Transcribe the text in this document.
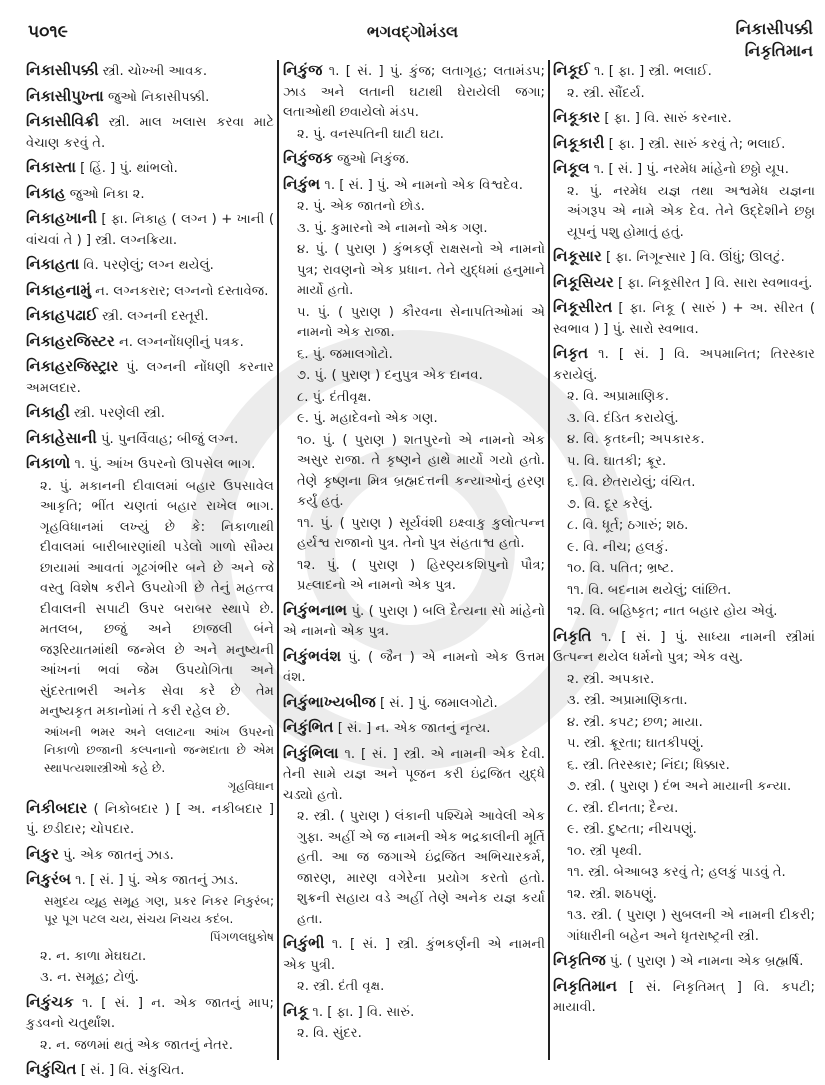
૫૦૧૯	ભગવદ્ગોમંડલ	નિકાસીપક્કી
નિકૃતિમાન
નિકાસીપક્કી સ્ત્રી. ચોખ્ખી આવક.
નિકાસીપુખ્તા જુઓ નિકાસીપક્કી.
નિકાસીવિક્રી સ્ત્રી. માલ ખલાસ કરવા માટે વેચાણ કરવું તે.
નિકાસ્તા [ હિં. ] પું. થાંભલો.
નિકાહ જુઓ નિકા ૨.
નિકાહખાની [ ફા. નિકાહ ( લગ્ન ) + ખાની ( વાંચવાં તે ) ] સ્ત્રી. લગ્નક્રિયા.
નિકાહતા વિ. પરણેલું; લગ્ન થયેલું.
નિકાહનામું ન. લગ્નકરાર; લગ્નનો દસ્તાવેજ.
નિકાહપઢાઈ સ્ત્રી. લગ્નની દસ્તૂરી.
નિકાહરજિસ્ટર ન. લગ્નનોંધણીનું પત્રક.
નિકાહરજિસ્ટ્રાર પું. લગ્નની નોંધણી કરનાર અમલદાર.
નિકાહી સ્ત્રી. પરણેલી સ્ત્રી.
નિકાહેસાની પું. પુનર્વિવાહ; બીજું લગ્ન.
નિકાળો ૧. પું. આંખ ઉપરનો ઊપસેલ ભાગ.
૨. પું. મકાનની દીવાલમાં બહાર ઉપસાવેલ આકૃતિ; ભીંત ચણતાં બહાર રાખેલ ભાગ. ગૃહવિધાનમાં લખ્યું છે કે: નિકાળાથી દીવાલમાં બારીબારણાંથી પડેલો ગાળો સૌમ્ય છાયામાં આવતાં ગૂઢગંભીર બને છે અને જે વસ્તુ વિશેષ કરીને ઉપયોગી છે તેનું મહત્ત્વ દીવાલની સપાટી ઉપર બરાબર સ્થાપે છે. મતલબ, છજું અને છાજલી બંને જરૂરિયાતમાંથી જન્મેલ છે અને મનુષ્યની આંખનાં ભવાં જેમ ઉપયોગિતા અને સુંદરતાભરી અનેક સેવા કરે છે તેમ મનુષ્યકૃત મકાનોમાં તે કરી રહેલ છે.
આંખની ભમર અને લલાટના આંખ ઉપરનો નિકાળો છજાની કલ્પનાનો જન્મદાતા છે એમ સ્થાપત્યશાસ્ત્રીઓ કહે છે.
ગૃહવિધાન
નિકીબદાર ( નિકોબદાર ) [ અ. નકીબદાર ] પું. છડીદાર; ચોપદાર.
નિકુર પું. એક જાતનું ઝાડ.
નિકુરંબ ૧. [ સં. ] પું. એક જાતનું ઝાડ.
સમુદય વ્યૂહ સમૂહ ગણ, પ્રકર નિકર નિકુરંબ; પૂર પૂગ પટલ ચય, સંચય નિચય કદંબ.
પિંગળલઘુકોષ
૨. ન. કાળા મેઘઘટા.
૩. ન. સમૂહ; ટોળું.
નિકુંચક ૧. [ સં. ] ન. એક જાતનું માપ; કુડવનો ચતુર્થાંશ.
૨. ન. જળમાં થતું એક જાતનું નેતર.
નિકુંચિત [ સં. ] વિ. સંકુચિત.
નિકુંજ ૧. [ સં. ] પું. કુંજ; લતાગૃહ; લતામંડપ; ઝાડ અને લતાની ઘટાથી ઘેરાયેલી જગા; લતાઓથી છવાયેલો મંડપ.
૨. પું. વનસ્પતિની ઘાટી ઘટા.
નિકુંજક જુઓ નિકુંજ.
નિકુંભ ૧. [ સં. ] પું. એ નામનો એક વિશ્વદેવ.
૨. પું. એક જાતનો છોડ.
૩. પું. કુમારનો એ નામનો એક ગણ.
૪. પું. ( પુરાણ ) કુંભકર્ણ રાક્ષસનો એ નામનો પુત્ર; રાવણનો એક પ્રધાન. તેને યુદ્ધમાં હનુમાને માર્યો હતો.
૫. પું. ( પુરાણ ) કૌરવના સેનાપતિઓમાં એ નામનો એક રાજા.
૬. પું. જમાલગોટો.
૭. પું. ( પુરાણ ) દનુપુત્ર એક દાનવ.
૮. પું. દંતીવૃક્ષ.
૯. પું. મહાદેવનો એક ગણ.
૧૦. પું. ( પુરાણ ) શતપુરનો એ નામનો એક અસુર રાજા. તે કૃષ્ણને હાથે માર્યો ગયો હતો. તેણે કૃષ્ણના મિત્ર બ્રહ્મદત્તની કન્યાઓનું હરણ કર્યું હતું.
૧૧. પું. ( પુરાણ ) સૂર્યવંશી ઇક્ષ્વાકુ કુલોત્પન્ન હર્યશ્વ રાજાનો પુત્ર. તેનો પુત્ર સંહતાશ્વ હતો.
૧૨. પું. ( પુરાણ ) હિરણ્યકશિપુનો પૌત્ર; પ્રહ્લાદનો એ નામનો એક પુત્ર.
નિકુંભનાભ પું. ( પુરાણ ) બલિ દૈત્યના સો માંહેનો એ નામનો એક પુત્ર.
નિકુંભવંશ પું. ( જૈન ) એ નામનો એક ઉત્તમ વંશ.
નિકુંભાખ્યબીજ [ સં. ] પું. જમાલગોટો.
નિકુંભિત [ સં. ] ન. એક જાતનું નૃત્ય.
નિકુંભિલા ૧. [ સં. ] સ્ત્રી. એ નામની એક દેવી. તેની સામે યજ્ઞ અને પૂજન કરી ઇંદ્રજિત યુદ્ધે ચડ્યો હતો.
૨. સ્ત્રી. ( પુરાણ ) લંકાની પશ્ચિમે આવેલી એક ગુફા. અહીં એ જ નામની એક ભદ્રકાલીની મૂર્તિ હતી. આ જ જગાએ ઇંદ્રજિત અભિચારકર્મ, જારણ, મારણ વગેરેના પ્રયોગ કરતો હતો. શુક્રની સહાય વડે અહીં તેણે અનેક યજ્ઞ કર્યા હતા.
નિકુંભી ૧. [ સં. ] સ્ત્રી. કુંભકર્ણની એ નામની એક પુત્રી.
૨. સ્ત્રી. દંતી વૃક્ષ.
નિકૂ ૧. [ ફા. ] વિ. સારું.
૨. વિ. સુંદર.
નિકૂઈ ૧. [ ફા. ] સ્ત્રી. ભલાઈ.
૨. સ્ત્રી. સૌંદર્ય.
નિકૂકાર [ ફા. ] વિ. સારું કરનાર.
નિકૂકારી [ ફા. ] સ્ત્રી. સારું કરવું તે; ભલાઈ.
નિકૂલ ૧. [ સં. ] પું. નરમેધ માંહેનો છઠ્ઠો યૂપ.
૨. પું. નરમેધ યજ્ઞ તથા અશ્વમેધ યજ્ઞના અંગરૂપ એ નામે એક દેવ. તેને ઉદ્દેશીને છઠ્ઠા યૂપનું પશુ હોમાતું હતું.
નિકૂસાર [ ફા. નિગૂન્સાર ] વિ. ઊંધું; ઊલટું.
નિકૂસિયર [ ફા. નિકૂસીરત ] વિ. સારા સ્વભાવનું.
નિકૂસીરત [ ફા. નિકૂ ( સારું ) + અ. સીરત ( સ્વભાવ ) ] પું. સારો સ્વભાવ.
નિકૃત ૧. [ સં. ] વિ. અપમાનિત; તિરસ્કાર કરાયેલું.
૨. વિ. અપ્રામાણિક.
૩. વિ. દંડિત કરાયેલું.
૪. વિ. કૃતઘ્ની; અપકારક.
૫. વિ. ઘાતકી; ક્રૂર.
૬. વિ. છેતરાયેલું; વંચિત.
૭. વિ. દૂર કરેલું.
૮. વિ. ધૂર્ત; ઠગારું; શઠ.
૯. વિ. નીચ; હલકું.
૧૦. વિ. પતિત; ભ્રષ્ટ.
૧૧. વિ. બદનામ થયેલું; લાંછિત.
૧૨. વિ. બહિષ્કૃત; નાત બહાર હોય એવું.
નિકૃતિ ૧. [ સં. ] પું. સાધ્યા નામની સ્ત્રીમાં ઉત્પન્ન થયેલ ધર્મનો પુત્ર; એક વસુ.
૨. સ્ત્રી. અપકાર.
૩. સ્ત્રી. અપ્રામાણિકતા.
૪. સ્ત્રી. કપટ; છળ; માયા.
૫. સ્ત્રી. ક્રૂરતા; ઘાતકીપણું.
૬. સ્ત્રી. તિરસ્કાર; નિંદા; ધિક્કાર.
૭. સ્ત્રી. ( પુરાણ ) દંભ અને માયાની કન્યા.
૮. સ્ત્રી. દીનતા; દૈન્ય.
૯. સ્ત્રી. દુષ્ટતા; નીચપણું.
૧૦. સ્ત્રી પૃથ્વી.
૧૧. સ્ત્રી. બેઆબરૂ કરવું તે; હલકું પાડવું તે.
૧૨. સ્ત્રી. શઠપણું.
૧૩. સ્ત્રી. ( પુરાણ ) સુબલની એ નામની દીકરી; ગાંધારીની બહેન અને ધૃતરાષ્ટ્રની સ્ત્રી.
નિકૃતિજ પું. ( પુરાણ ) એ નામના એક બ્રહ્મર્ષિ.
નિકૃતિમાન [ સં. નિકૃતિમત્ ] વિ. કપટી; માયાવી.
